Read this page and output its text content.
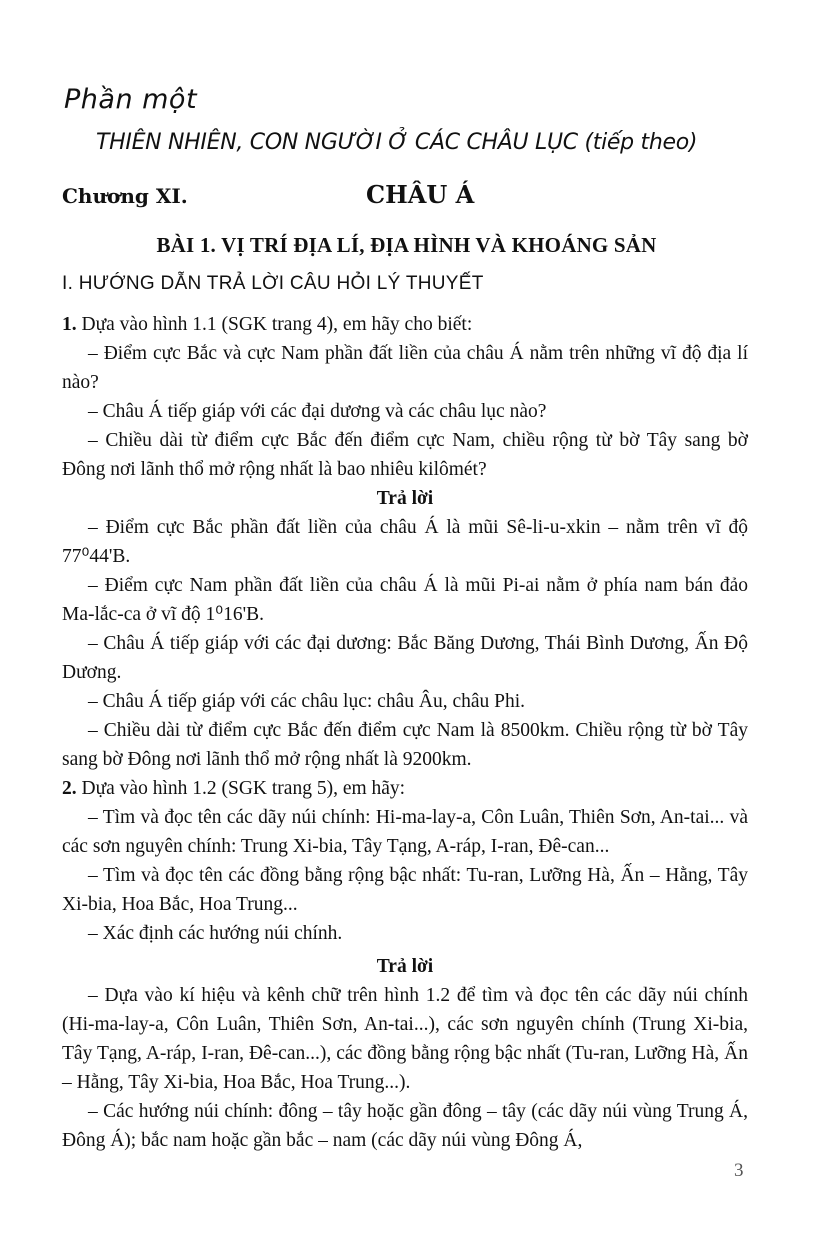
Phần một
THIÊN NHIÊN, CON NGƯỜI Ở CÁC CHÂU LỤC (tiếp theo)
Chương XI.	CHÂU Á
BÀI 1. VỊ TRÍ ĐỊA LÍ, ĐỊA HÌNH VÀ KHOÁNG SẢN
I. HƯỚNG DẪN TRẢ LỜI CÂU HỎI LÝ THUYẾT

1. Dựa vào hình 1.1 (SGK trang 4), em hãy cho biết:

– Điểm cực Bắc và cực Nam phần đất liền của châu Á nằm trên những vĩ độ địa lí nào?

– Châu Á tiếp giáp với các đại dương và các châu lục nào?

– Chiều dài từ điểm cực Bắc đến điểm cực Nam, chiều rộng từ bờ Tây sang bờ Đông nơi lãnh thổ mở rộng nhất là bao nhiêu kilômét?

Trả lời

– Điểm cực Bắc phần đất liền của châu Á là mũi Sê-li-u-xkin – nằm trên vĩ độ 77⁰44'B.

– Điểm cực Nam phần đất liền của châu Á là mũi Pi-ai nằm ở phía nam bán đảo Ma-lắc-ca ở vĩ độ 1⁰16'B.

– Châu Á tiếp giáp với các đại dương: Bắc Băng Dương, Thái Bình Dương, Ấn Độ Dương.

– Châu Á tiếp giáp với các châu lục: châu Âu, châu Phi.

– Chiều dài từ điểm cực Bắc đến điểm cực Nam là 8500km. Chiều rộng từ bờ Tây sang bờ Đông nơi lãnh thổ mở rộng nhất là 9200km.

2. Dựa vào hình 1.2 (SGK trang 5), em hãy:

– Tìm và đọc tên các dãy núi chính: Hi-ma-lay-a, Côn Luân, Thiên Sơn, An-tai... và các sơn nguyên chính: Trung Xi-bia, Tây Tạng, A-ráp, I-ran, Đê-can...

– Tìm và đọc tên các đồng bằng rộng bậc nhất: Tu-ran, Lưỡng Hà, Ấn – Hằng, Tây Xi-bia, Hoa Bắc, Hoa Trung...

– Xác định các hướng núi chính.

Trả lời

– Dựa vào kí hiệu và kênh chữ trên hình 1.2 để tìm và đọc tên các dãy núi chính (Hi-ma-lay-a, Côn Luân, Thiên Sơn, An-tai...), các sơn nguyên chính (Trung Xi-bia, Tây Tạng, A-ráp, I-ran, Đê-can...), các đồng bằng rộng bậc nhất (Tu-ran, Lưỡng Hà, Ấn – Hằng, Tây Xi-bia, Hoa Bắc, Hoa Trung...).

– Các hướng núi chính: đông – tây hoặc gần đông – tây (các dãy núi vùng Trung Á, Đông Á); bắc nam hoặc gần bắc – nam (các dãy núi vùng Đông Á,

3
